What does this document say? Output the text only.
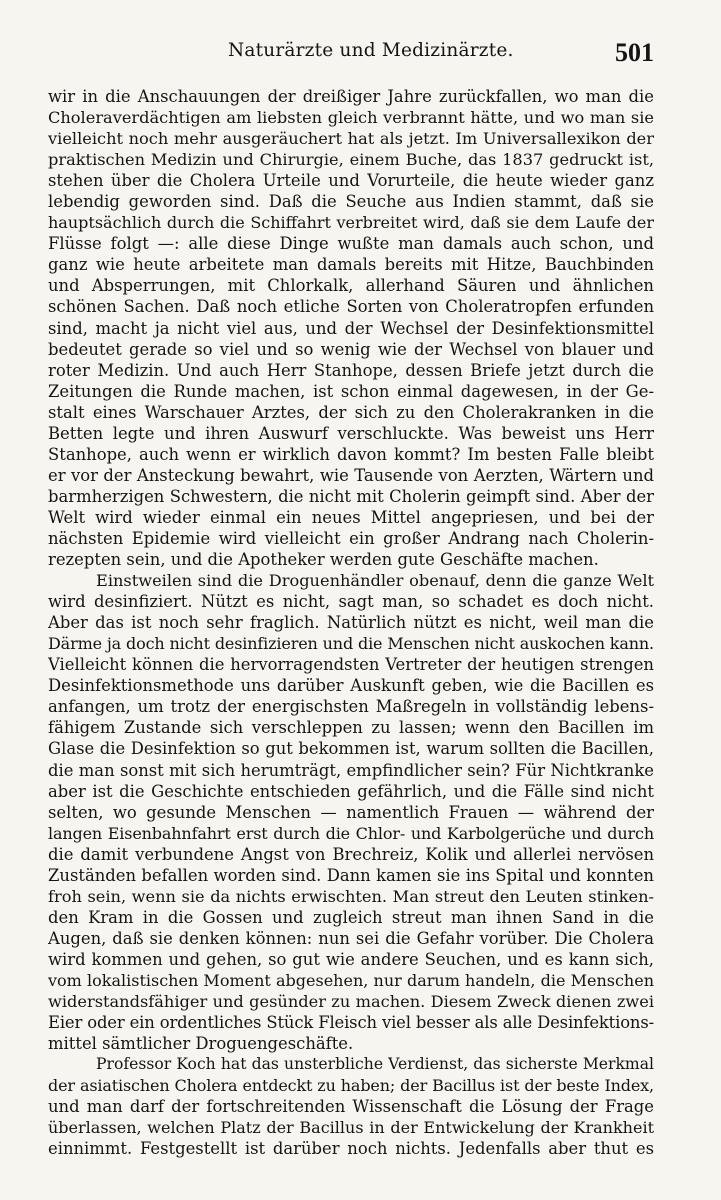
Naturärzte und Medizinärzte.	501
wir in die Anschauungen der dreißiger Jahre zurückfallen, wo man die
Choleraverdächtigen am liebsten gleich verbrannt hätte, und wo man sie
vielleicht noch mehr ausgeräuchert hat als jetzt. Im Universallexikon der
praktischen Medizin und Chirurgie, einem Buche, das 1837 gedruckt ist,
stehen über die Cholera Urteile und Vorurteile, die heute wieder ganz
lebendig geworden sind. Daß die Seuche aus Indien stammt, daß sie
hauptsächlich durch die Schiffahrt verbreitet wird, daß sie dem Laufe der
Flüsse folgt —: alle diese Dinge wußte man damals auch schon, und
ganz wie heute arbeitete man damals bereits mit Hitze, Bauchbinden
und Absperrungen, mit Chlorkalk, allerhand Säuren und ähnlichen
schönen Sachen. Daß noch etliche Sorten von Choleratropfen erfunden
sind, macht ja nicht viel aus, und der Wechsel der Desinfektionsmittel
bedeutet gerade so viel und so wenig wie der Wechsel von blauer und
roter Medizin. Und auch Herr Stanhope, dessen Briefe jetzt durch die
Zeitungen die Runde machen, ist schon einmal dagewesen, in der Ge-
stalt eines Warschauer Arztes, der sich zu den Cholerakranken in die
Betten legte und ihren Auswurf verschluckte. Was beweist uns Herr
Stanhope, auch wenn er wirklich davon kommt? Im besten Falle bleibt
er vor der Ansteckung bewahrt, wie Tausende von Aerzten, Wärtern und
barmherzigen Schwestern, die nicht mit Cholerin geimpft sind. Aber der
Welt wird wieder einmal ein neues Mittel angepriesen, und bei der
nächsten Epidemie wird vielleicht ein großer Andrang nach Cholerin-
rezepten sein, und die Apotheker werden gute Geschäfte machen.
Einstweilen sind die Droguenhändler obenauf, denn die ganze Welt
wird desinfiziert. Nützt es nicht, sagt man, so schadet es doch nicht.
Aber das ist noch sehr fraglich. Natürlich nützt es nicht, weil man die
Därme ja doch nicht desinfizieren und die Menschen nicht auskochen kann.
Vielleicht können die hervorragendsten Vertreter der heutigen strengen
Desinfektionsmethode uns darüber Auskunft geben, wie die Bacillen es
anfangen, um trotz der energischsten Maßregeln in vollständig lebens-
fähigem Zustande sich verschleppen zu lassen; wenn den Bacillen im
Glase die Desinfektion so gut bekommen ist, warum sollten die Bacillen,
die man sonst mit sich herumträgt, empfindlicher sein? Für Nichtkranke
aber ist die Geschichte entschieden gefährlich, und die Fälle sind nicht
selten, wo gesunde Menschen — namentlich Frauen — während der
langen Eisenbahnfahrt erst durch die Chlor- und Karbolgerüche und durch
die damit verbundene Angst von Brechreiz, Kolik und allerlei nervösen
Zuständen befallen worden sind. Dann kamen sie ins Spital und konnten
froh sein, wenn sie da nichts erwischten. Man streut den Leuten stinken-
den Kram in die Gossen und zugleich streut man ihnen Sand in die
Augen, daß sie denken können: nun sei die Gefahr vorüber. Die Cholera
wird kommen und gehen, so gut wie andere Seuchen, und es kann sich,
vom lokalistischen Moment abgesehen, nur darum handeln, die Menschen
widerstandsfähiger und gesünder zu machen. Diesem Zweck dienen zwei
Eier oder ein ordentliches Stück Fleisch viel besser als alle Desinfektions-
mittel sämtlicher Droguengeschäfte.
Professor Koch hat das unsterbliche Verdienst, das sicherste Merkmal
der asiatischen Cholera entdeckt zu haben; der Bacillus ist der beste Index,
und man darf der fortschreitenden Wissenschaft die Lösung der Frage
überlassen, welchen Platz der Bacillus in der Entwickelung der Krankheit
einnimmt. Festgestellt ist darüber noch nichts. Jedenfalls aber thut es
